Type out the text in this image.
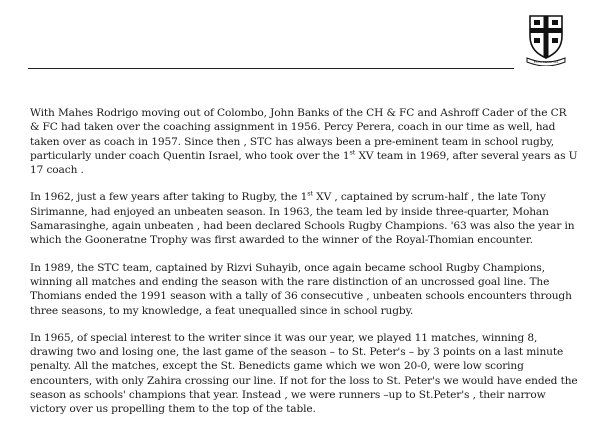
ESTO PERPETUA

With Mahes Rodrigo moving out of Colombo, John Banks of the CH & FC and Ashroff Cader of the CR & FC had taken over the coaching assignment in 1956. Percy Perera, coach in our time as well, had taken over as coach in 1957. Since then , STC has always been a pre-eminent team in school rugby, particularly under coach Quentin Israel, who took over the 1st XV team in 1969, after several years as U 17 coach .

In 1962, just a few years after taking to Rugby, the 1st XV , captained by scrum-half , the late Tony Sirimanne, had enjoyed an unbeaten season. In 1963, the team led by inside three-quarter, Mohan Samarasinghe, again unbeaten , had been declared Schools Rugby Champions. '63 was also the year in which the Gooneratne Trophy was first awarded to the winner of the Royal-Thomian encounter.

In 1989, the STC team, captained by Rizvi Suhayib, once again became school Rugby Champions, winning all matches and ending the season with the rare distinction of an uncrossed goal line. The Thomians ended the 1991 season with a tally of 36 consecutive , unbeaten schools encounters through three seasons, to my knowledge, a feat unequalled since in school rugby.

In 1965, of special interest to the writer since it was our year, we played 11 matches, winning 8, drawing two and losing one, the last game of the season – to St. Peter's – by 3 points on a last minute penalty. All the matches, except the St. Benedicts game which we won 20-0, were low scoring encounters, with only Zahira crossing our line. If not for the loss to St. Peter's we would have ended the season as schools' champions that year. Instead , we were runners –up to St.Peter's , their narrow victory over us propelling them to the top of the table.
